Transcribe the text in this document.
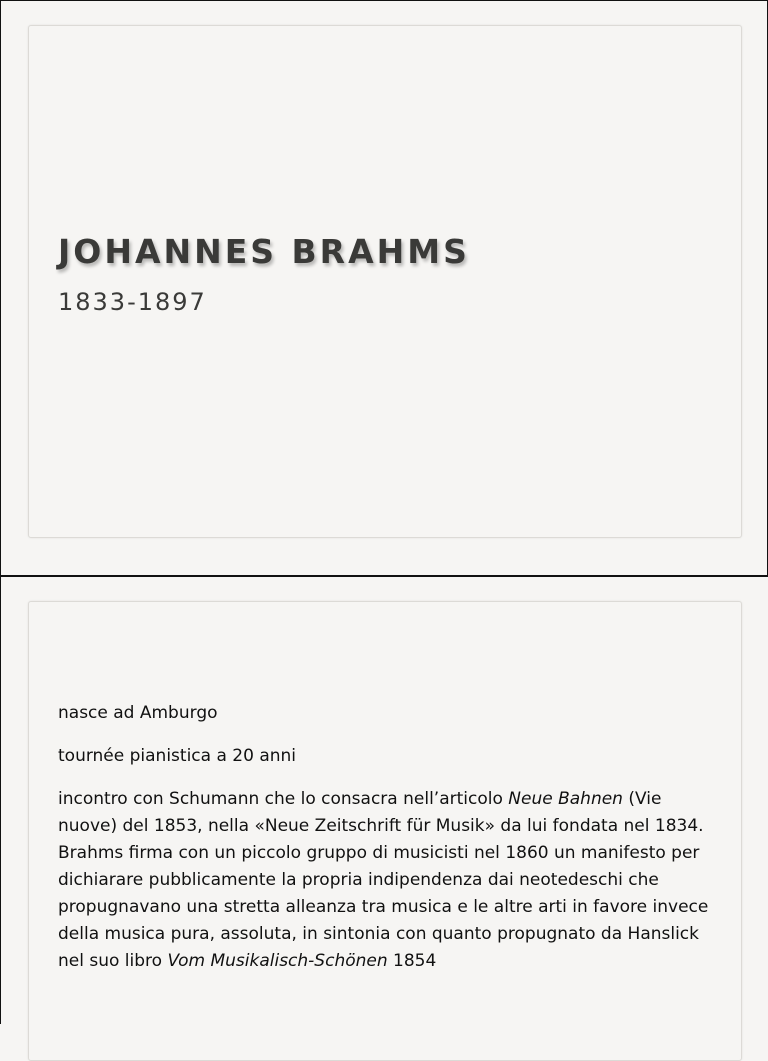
JOHANNES BRAHMS

1833-1897

nasce ad Amburgo

tournée pianistica a 20 anni

incontro con Schumann che lo consacra nell’articolo Neue Bahnen (Vie nuove) del 1853, nella «Neue Zeitschrift für Musik» da lui fondata nel 1834. Brahms firma con un piccolo gruppo di musicisti nel 1860 un manifesto per dichiarare pubblicamente la propria indipendenza dai neotedeschi che propugnavano una stretta alleanza tra musica e le altre arti in favore invece della musica pura, assoluta, in sintonia con quanto propugnato da Hanslick nel suo libro Vom Musikalisch-Schönen 1854
